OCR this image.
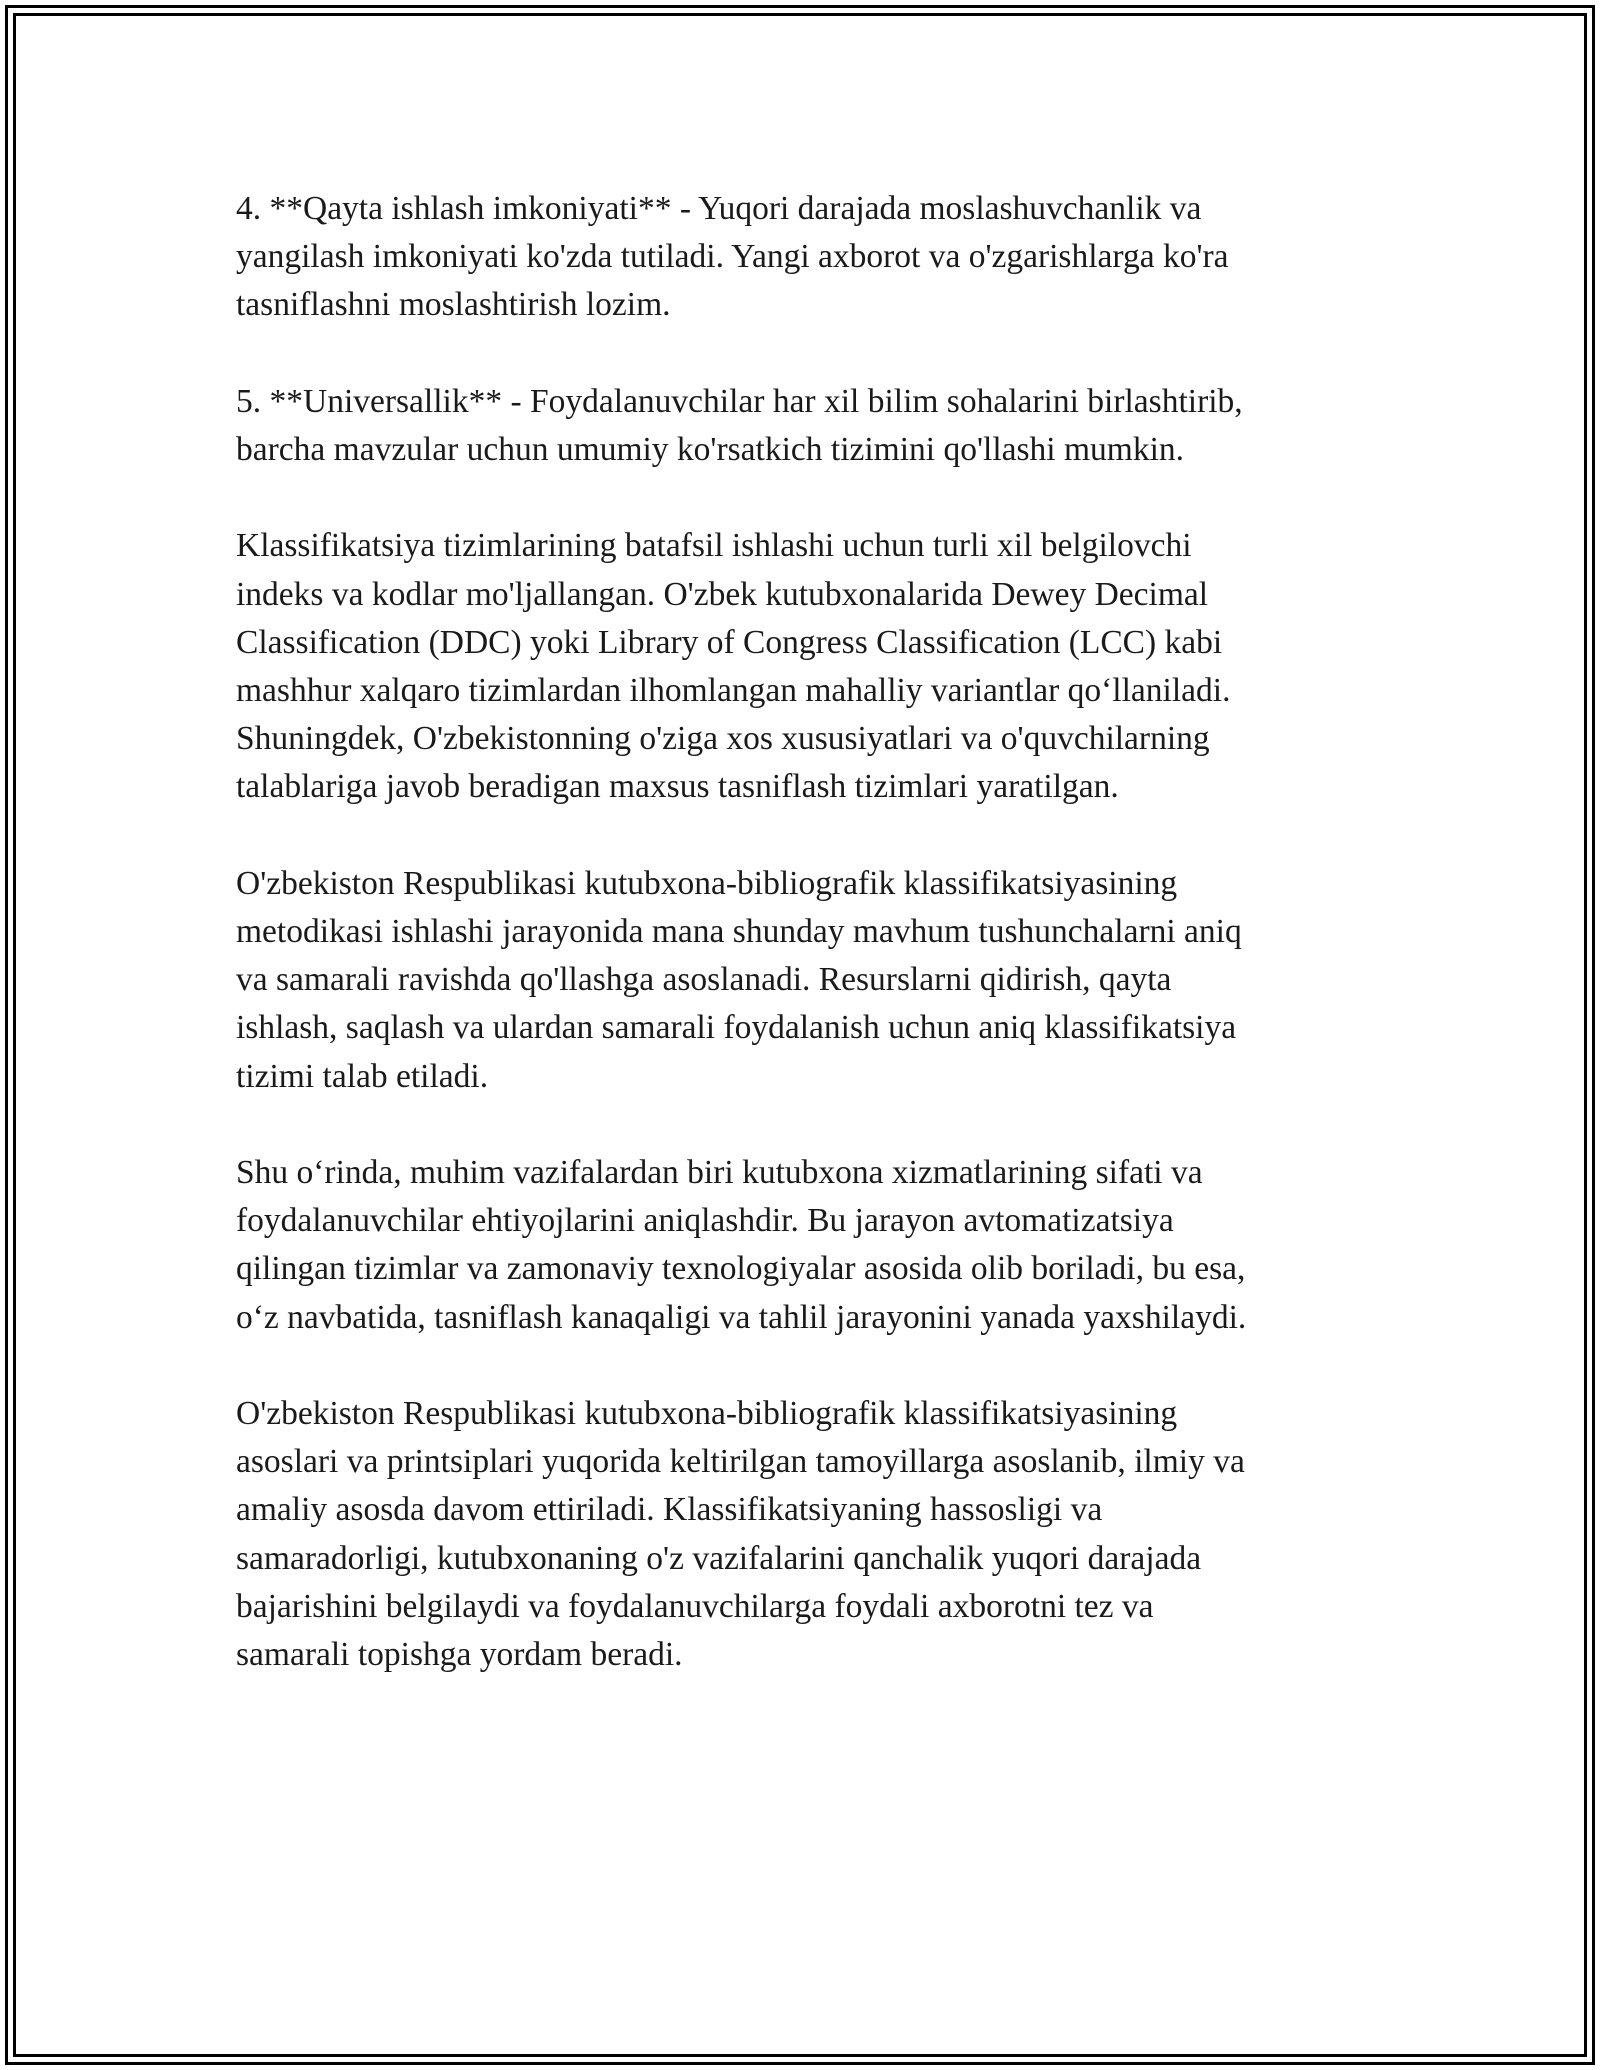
4. **Qayta ishlash imkoniyati** - Yuqori darajada moslashuvchanlik va
yangilash imkoniyati ko'zda tutiladi. Yangi axborot va o'zgarishlarga ko'ra
tasniflashni moslashtirish lozim.

5. **Universallik** - Foydalanuvchilar har xil bilim sohalarini birlashtirib,
barcha mavzular uchun umumiy ko'rsatkich tizimini qo'llashi mumkin.

Klassifikatsiya tizimlarining batafsil ishlashi uchun turli xil belgilovchi
indeks va kodlar mo'ljallangan. O'zbek kutubxonalarida Dewey Decimal
Classification (DDC) yoki Library of Congress Classification (LCC) kabi
mashhur xalqaro tizimlardan ilhomlangan mahalliy variantlar qo‘llaniladi.
Shuningdek, O'zbekistonning o'ziga xos xususiyatlari va o'quvchilarning
talablariga javob beradigan maxsus tasniflash tizimlari yaratilgan.

O'zbekiston Respublikasi kutubxona-bibliografik klassifikatsiyasining
metodikasi ishlashi jarayonida mana shunday mavhum tushunchalarni aniq
va samarali ravishda qo'llashga asoslanadi. Resurslarni qidirish, qayta
ishlash, saqlash va ulardan samarali foydalanish uchun aniq klassifikatsiya
tizimi talab etiladi.

Shu o‘rinda, muhim vazifalardan biri kutubxona xizmatlarining sifati va
foydalanuvchilar ehtiyojlarini aniqlashdir. Bu jarayon avtomatizatsiya
qilingan tizimlar va zamonaviy texnologiyalar asosida olib boriladi, bu esa,
o‘z navbatida, tasniflash kanaqaligi va tahlil jarayonini yanada yaxshilaydi.

O'zbekiston Respublikasi kutubxona-bibliografik klassifikatsiyasining
asoslari va printsiplari yuqorida keltirilgan tamoyillarga asoslanib, ilmiy va
amaliy asosda davom ettiriladi. Klassifikatsiyaning hassosligi va
samaradorligi, kutubxonaning o'z vazifalarini qanchalik yuqori darajada
bajarishini belgilaydi va foydalanuvchilarga foydali axborotni tez va
samarali topishga yordam beradi.
